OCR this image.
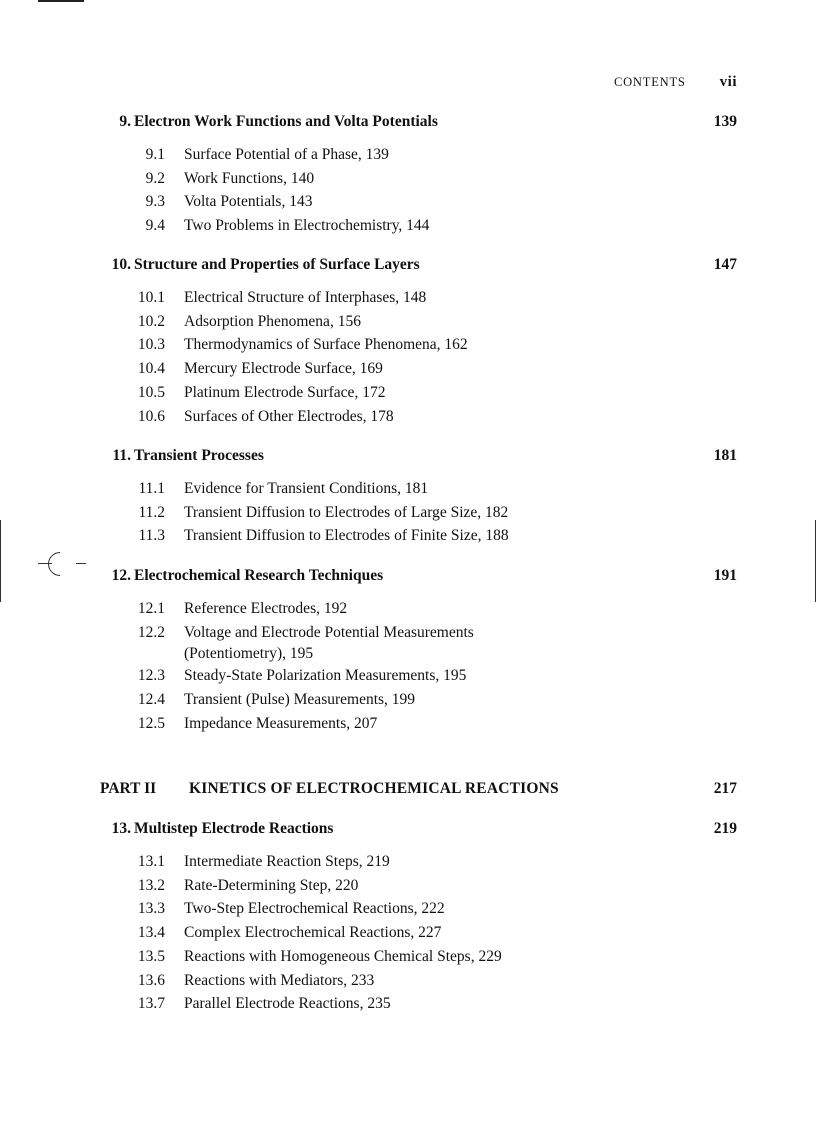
CONTENTS vii
9. Electron Work Functions and Volta Potentials	139
9.1 Surface Potential of a Phase, 139
9.2 Work Functions, 140
9.3 Volta Potentials, 143
9.4 Two Problems in Electrochemistry, 144
10. Structure and Properties of Surface Layers	147
10.1 Electrical Structure of Interphases, 148
10.2 Adsorption Phenomena, 156
10.3 Thermodynamics of Surface Phenomena, 162
10.4 Mercury Electrode Surface, 169
10.5 Platinum Electrode Surface, 172
10.6 Surfaces of Other Electrodes, 178
11. Transient Processes	181
11.1 Evidence for Transient Conditions, 181
11.2 Transient Diffusion to Electrodes of Large Size, 182
11.3 Transient Diffusion to Electrodes of Finite Size, 188
12. Electrochemical Research Techniques	191
12.1 Reference Electrodes, 192
12.2 Voltage and Electrode Potential Measurements
(Potentiometry), 195
12.3 Steady-State Polarization Measurements, 195
12.4 Transient (Pulse) Measurements, 199
12.5 Impedance Measurements, 207
PART II KINETICS OF ELECTROCHEMICAL REACTIONS	217
13. Multistep Electrode Reactions	219
13.1 Intermediate Reaction Steps, 219
13.2 Rate-Determining Step, 220
13.3 Two-Step Electrochemical Reactions, 222
13.4 Complex Electrochemical Reactions, 227
13.5 Reactions with Homogeneous Chemical Steps, 229
13.6 Reactions with Mediators, 233
13.7 Parallel Electrode Reactions, 235
